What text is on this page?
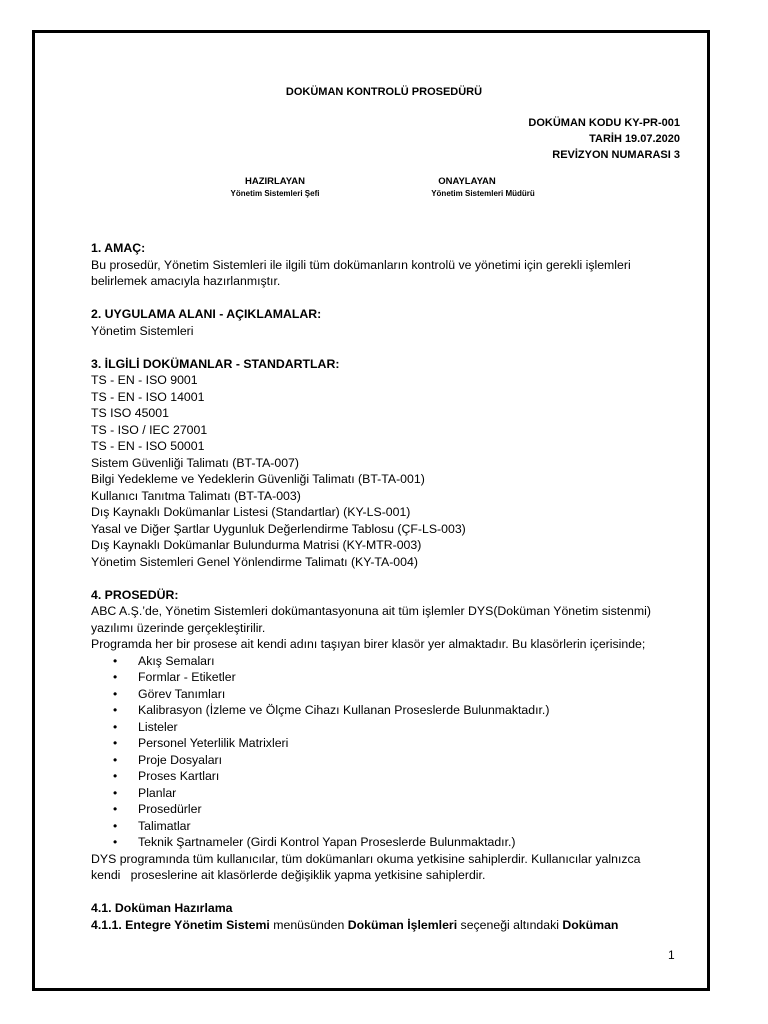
DOKÜMAN KONTROLÜ PROSEDÜRÜ
DOKÜMAN KODU KY-PR-001
TARİH 19.07.2020
REVİZYON NUMARASI 3
HAZIRLAYAN
Yönetim Sistemleri Şefi
ONAYLAYAN
Yönetim Sistemleri Müdürü
1. AMAÇ:
Bu prosedür, Yönetim Sistemleri ile ilgili tüm dokümanların kontrolü ve yönetimi için gerekli işlemleri
belirlemek amacıyla hazırlanmıştır.
2. UYGULAMA ALANI - AÇIKLAMALAR:
Yönetim Sistemleri
3. İLGİLİ DOKÜMANLAR - STANDARTLAR:
TS - EN - ISO 9001
TS - EN - ISO 14001
TS ISO 45001
TS - ISO / IEC 27001
TS - EN - ISO 50001
Sistem Güvenliği Talimatı (BT-TA-007)
Bilgi Yedekleme ve Yedeklerin Güvenliği Talimatı (BT-TA-001)
Kullanıcı Tanıtma Talimatı (BT-TA-003)
Dış Kaynaklı Dokümanlar Listesi (Standartlar) (KY-LS-001)
Yasal ve Diğer Şartlar Uygunluk Değerlendirme Tablosu (ÇF-LS-003)
Dış Kaynaklı Dokümanlar Bulundurma Matrisi (KY-MTR-003)
Yönetim Sistemleri Genel Yönlendirme Talimatı (KY-TA-004)
4. PROSEDÜR:
ABC A.Ş.’de, Yönetim Sistemleri dokümantasyonuna ait tüm işlemler DYS(Doküman Yönetim sistenmi)
yazılımı üzerinde gerçekleştirilir.
Programda her bir prosese ait kendi adını taşıyan birer klasör yer almaktadır. Bu klasörlerin içerisinde;
• Akış Semaları
• Formlar - Etiketler
• Görev Tanımları
• Kalibrasyon (İzleme ve Ölçme Cihazı Kullanan Proseslerde Bulunmaktadır.)
• Listeler
• Personel Yeterlilik Matrixleri
• Proje Dosyaları
• Proses Kartları
• Planlar
• Prosedürler
• Talimatlar
• Teknik Şartnameler (Girdi Kontrol Yapan Proseslerde Bulunmaktadır.)
DYS programında tüm kullanıcılar, tüm dokümanları okuma yetkisine sahiplerdir. Kullanıcılar yalnızca
kendi   proseslerine ait klasörlerde değişiklik yapma yetkisine sahiplerdir.
4.1. Doküman Hazırlama
4.1.1. Entegre Yönetim Sistemi menüsünden Doküman İşlemleri seçeneği altındaki Doküman
1
